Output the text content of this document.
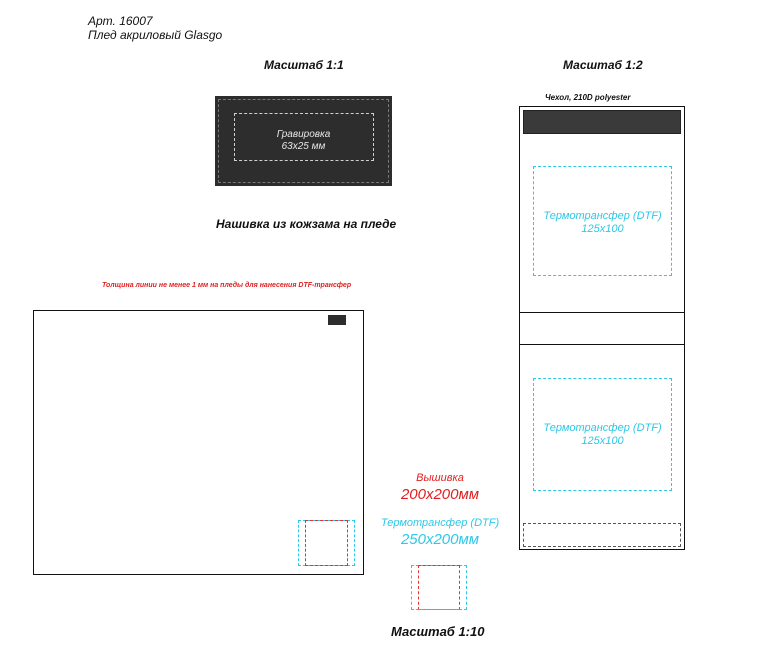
Арт. 16007
Плед акриловый Glasgo
Масштаб 1:1	Масштаб 1:2
Масштаб 1:10
Гравировка
63x25 мм
Нашивка из кожзама на пледе
Толщина линии не менее 1 мм на пледы для нанесения DTF-трансфер
Вышивка
200x200мм
Термотрансфер (DTF)
250x200мм
Чехол, 210D polyester
Термотрансфер (DTF)
125x100
Термотрансфер (DTF)
125x100
